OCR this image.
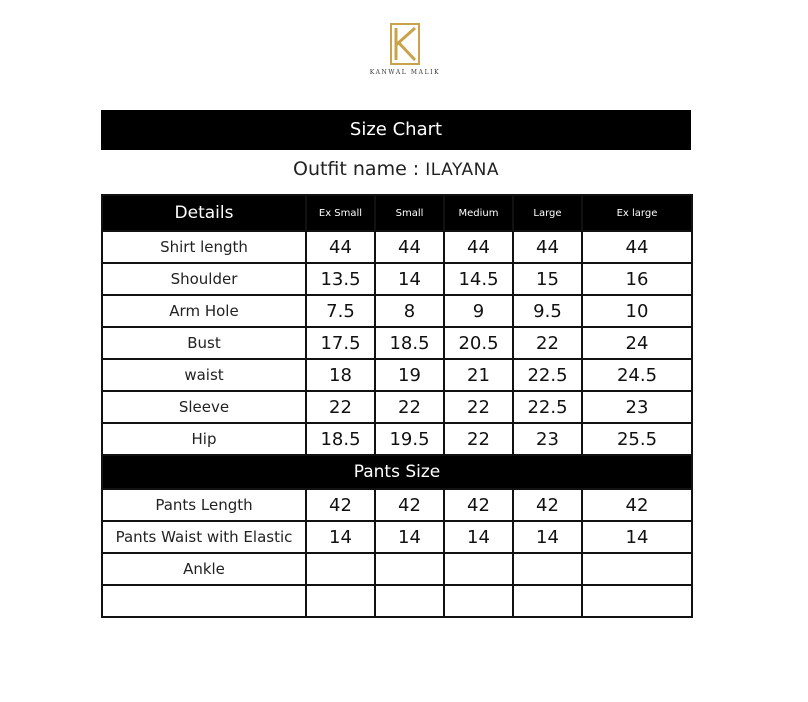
KANWAL MALIK
Size Chart
Outfit name : ILAYANA
Details	Ex Small	Small	Medium	Large	Ex large
Shirt length	44	44	44	44	44
Shoulder	13.5	14	14.5	15	16
Arm Hole	7.5	8	9	9.5	10
Bust	17.5	18.5	20.5	22	24
waist	18	19	21	22.5	24.5
Sleeve	22	22	22	22.5	23
Hip	18.5	19.5	22	23	25.5
Pants Size					
Pants Length	42	42	42	42	42
Pants Waist with Elastic	14	14	14	14	14
Ankle					
